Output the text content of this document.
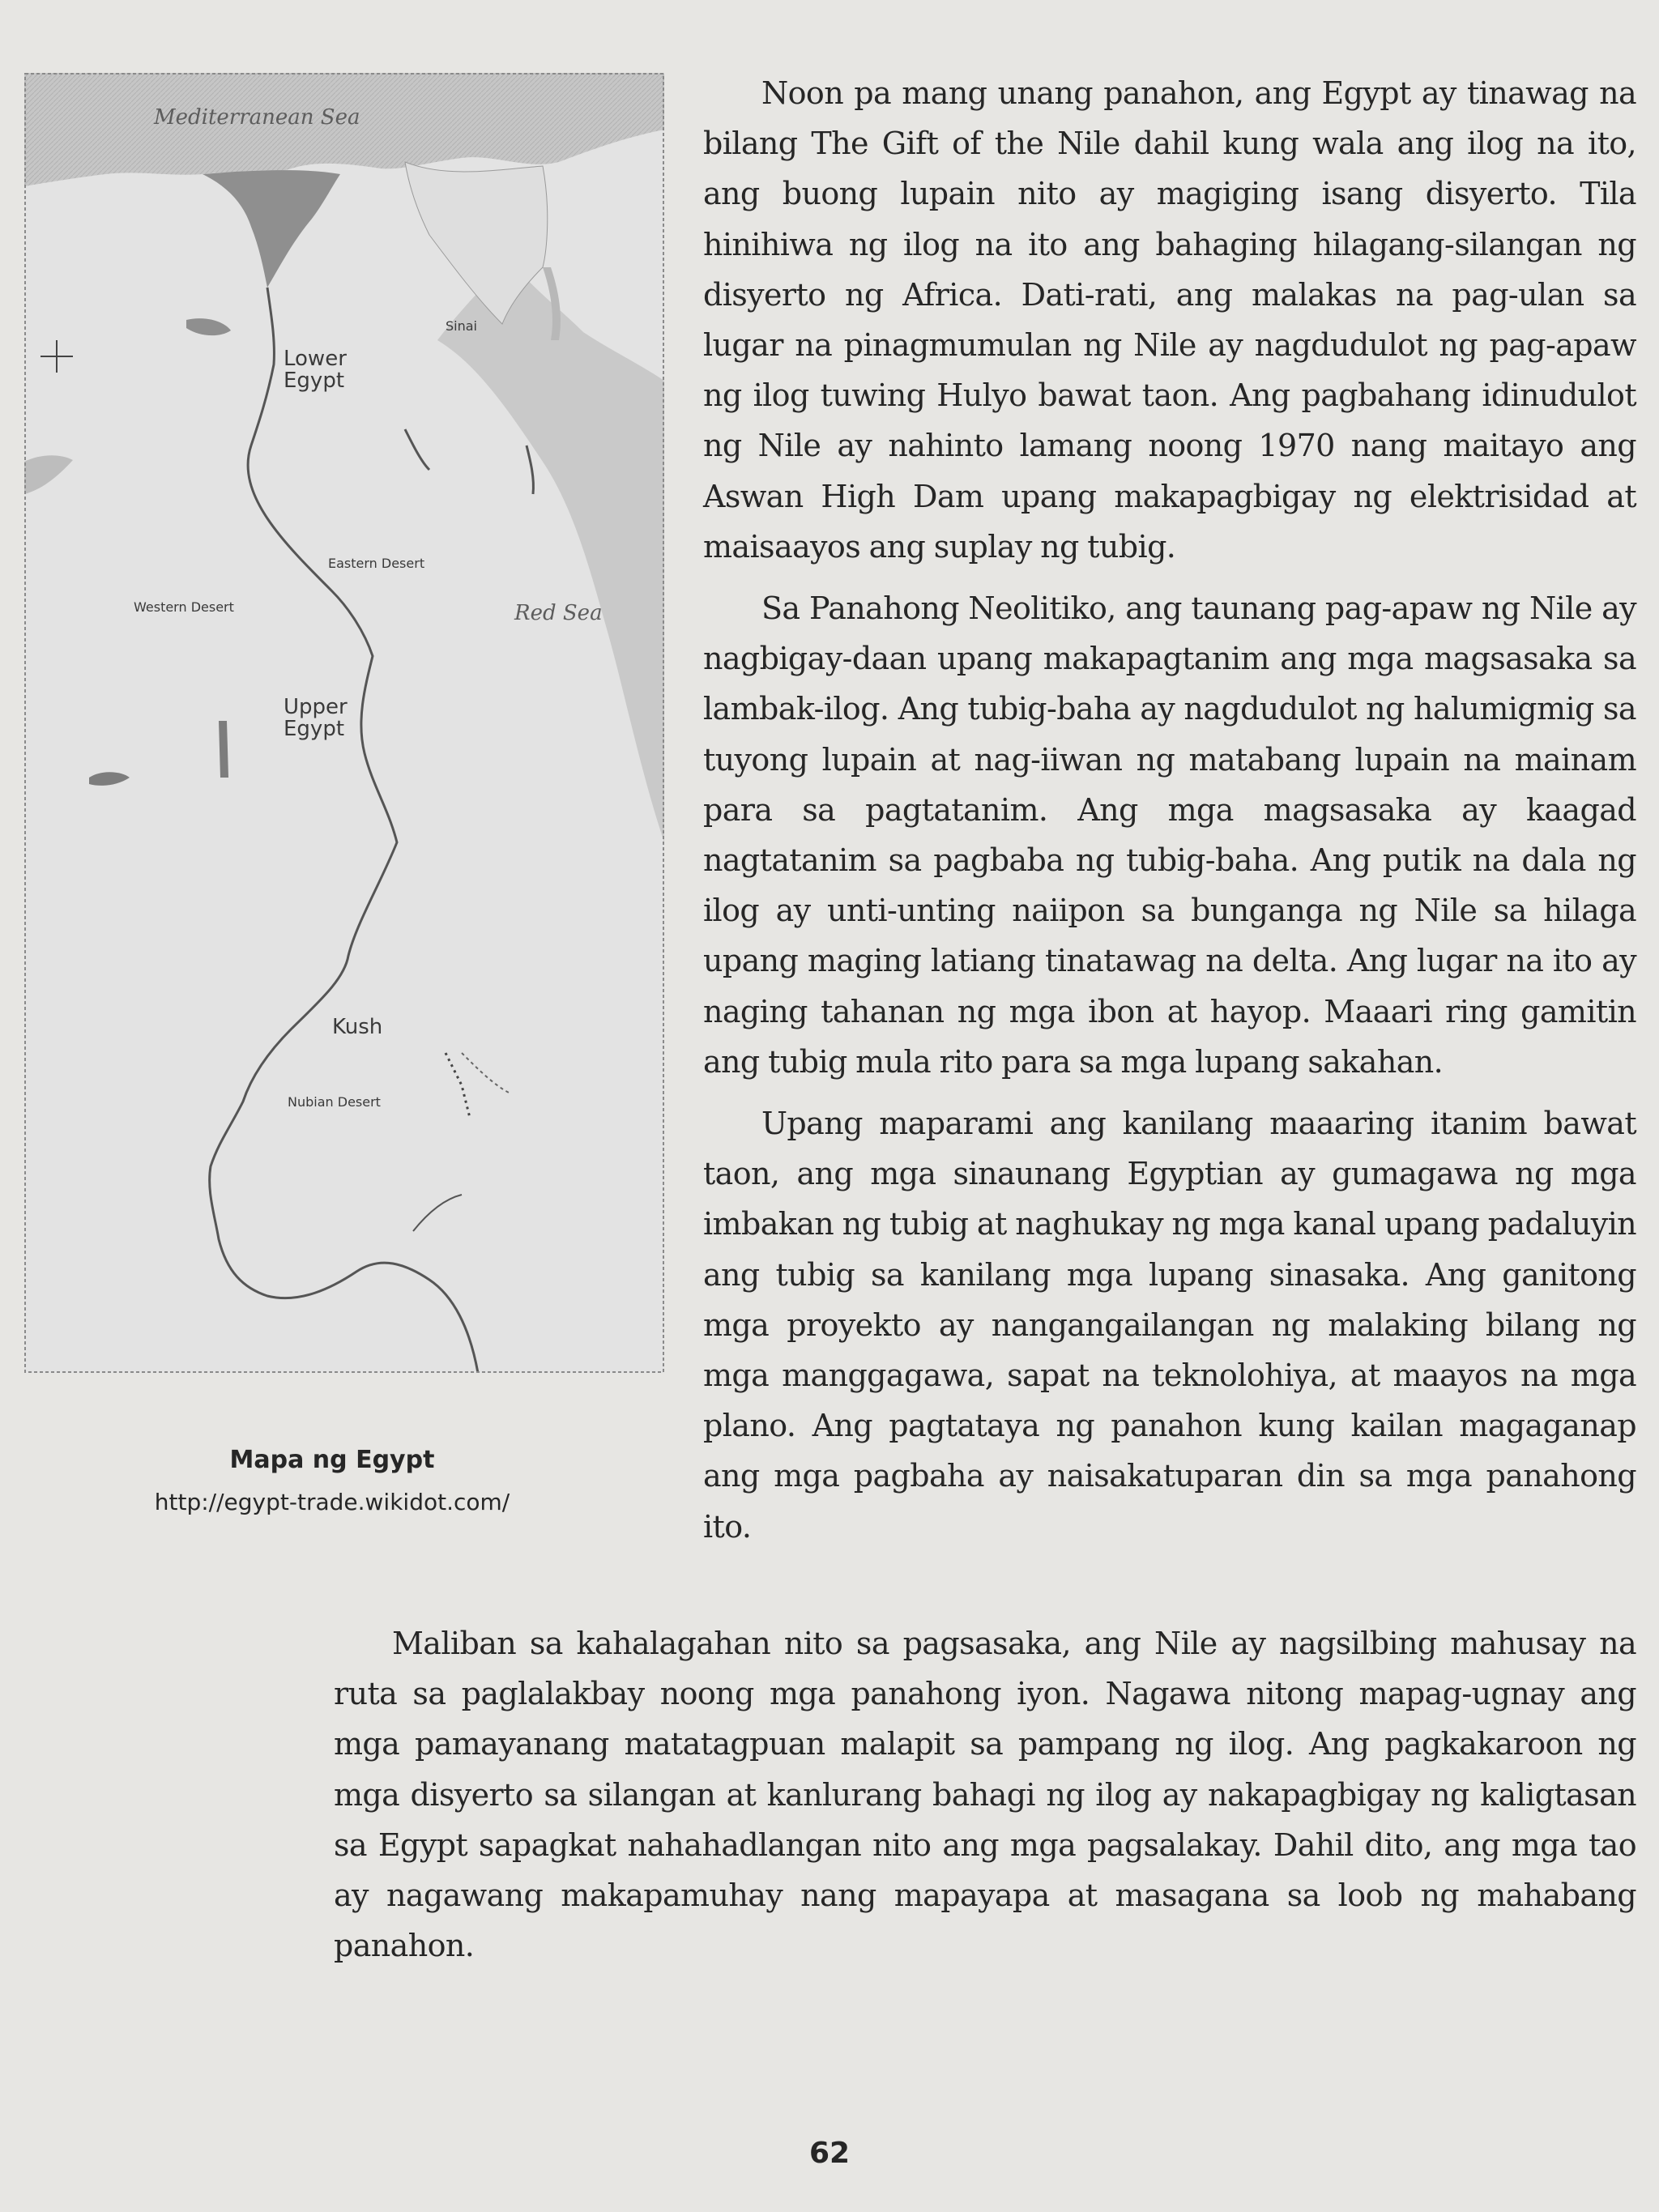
Mediterranean Sea
Red Sea
Lower
Egypt
Upper
Egypt
Kush
Sinai
Eastern Desert
Western Desert
Nubian Desert
Mapa ng Egypt
http://egypt-trade.wikidot.com/

Noon pa mang unang panahon, ang Egypt ay tinawag na bilang The Gift of the Nile dahil kung wala ang ilog na ito, ang buong lupain nito ay magiging isang disyerto. Tila hinihiwa ng ilog na ito ang bahaging hilagang-silangan ng disyerto ng Africa. Dati-rati, ang malakas na pag-ulan sa lugar na pinagmumulan ng Nile ay nagdudulot ng pag-apaw ng ilog tuwing Hulyo bawat taon. Ang pagbahang idinudulot ng Nile ay nahinto lamang noong 1970 nang maitayo ang Aswan High Dam upang makapagbigay ng elektrisidad at maisaayos ang suplay ng tubig.

Sa Panahong Neolitiko, ang taunang pag-apaw ng Nile ay nagbigay-daan upang makapagtanim ang mga magsasaka sa lambak-ilog. Ang tubig-baha ay nagdudulot ng halumigmig sa tuyong lupain at nag-iiwan ng matabang lupain na mainam para sa pagtatanim. Ang mga magsasaka ay kaagad nagtatanim sa pagbaba ng tubig-baha. Ang putik na dala ng ilog ay unti-unting naiipon sa bunganga ng Nile sa hilaga upang maging latiang tinatawag na delta. Ang lugar na ito ay naging tahanan ng mga ibon at hayop. Maaari ring gamitin ang tubig mula rito para sa mga lupang sakahan.

Upang maparami ang kanilang maaaring itanim bawat taon, ang mga sinaunang Egyptian ay gumagawa ng mga imbakan ng tubig at naghukay ng mga kanal upang padaluyin ang tubig sa kanilang mga lupang sinasaka. Ang ganitong mga proyekto ay nangangailangan ng malaking bilang ng mga manggagawa, sapat na teknolohiya, at maayos na mga plano. Ang pagtataya ng panahon kung kailan magaganap ang mga pagbaha ay naisakatuparan din sa mga panahong ito.

Maliban sa kahalagahan nito sa pagsasaka, ang Nile ay nagsilbing mahusay na ruta sa paglalakbay noong mga panahong iyon. Nagawa nitong mapag-ugnay ang mga pamayanang matatagpuan malapit sa pampang ng ilog. Ang pagkakaroon ng mga disyerto sa silangan at kanlurang bahagi ng ilog ay nakapagbigay ng kaligtasan sa Egypt sapagkat nahahadlangan nito ang mga pagsalakay. Dahil dito, ang mga tao ay nagawang makapamuhay nang mapayapa at masagana sa loob ng mahabang panahon.

62
